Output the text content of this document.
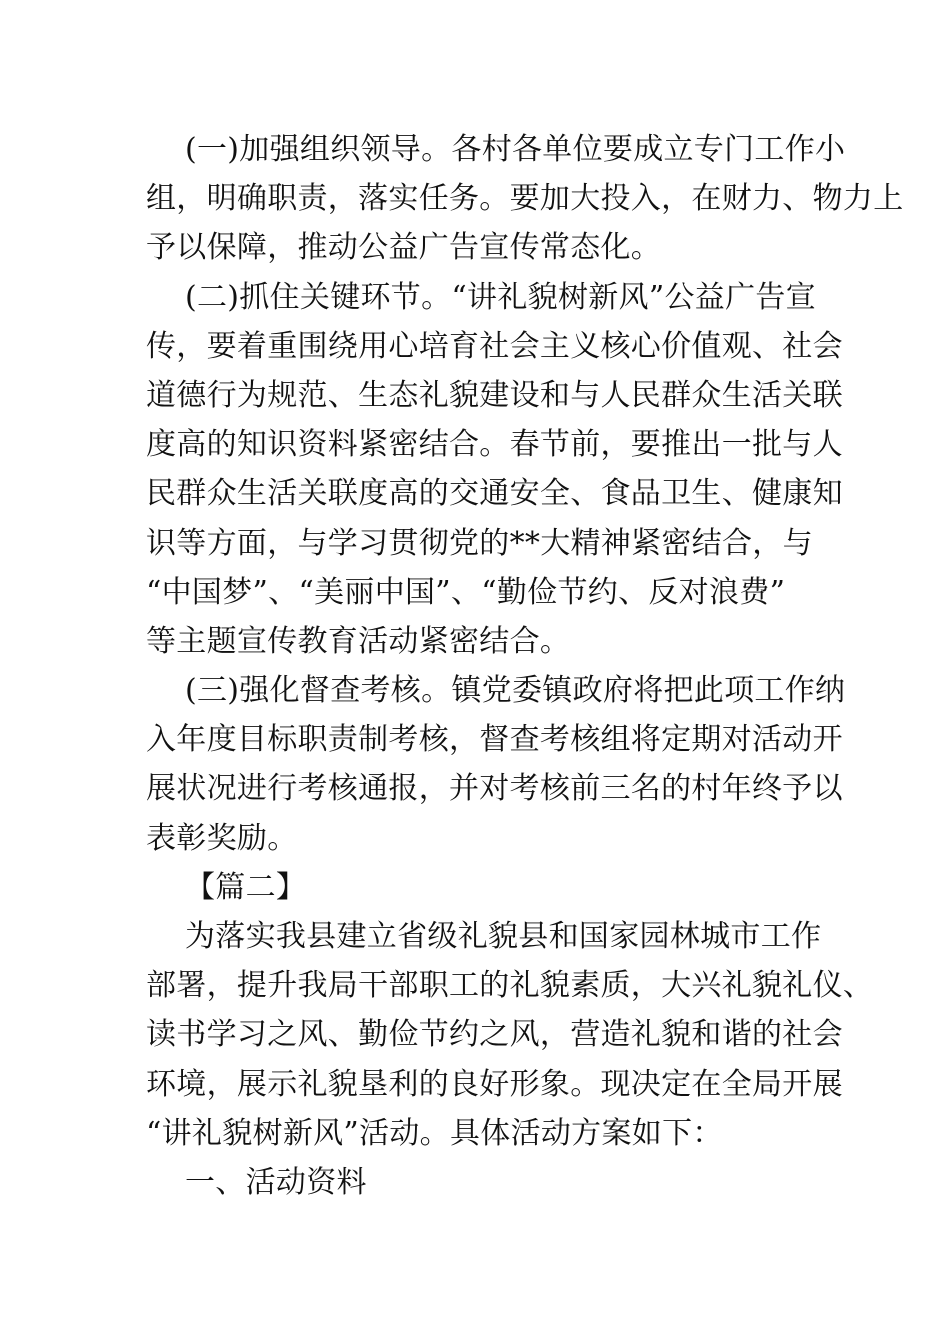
(一)加强组织领导。各村各单位要成立专门工作小
组，明确职责，落实任务。要加大投入，在财力、物力上
予以保障，推动公益广告宣传常态化。
(二)抓住关键环节。“讲礼貌树新风”公益广告宣
传，要着重围绕用心培育社会主义核心价值观、社会
道德行为规范、生态礼貌建设和与人民群众生活关联
度高的知识资料紧密结合。春节前，要推出一批与人
民群众生活关联度高的交通安全、食品卫生、健康知
识等方面，与学习贯彻党的**大精神紧密结合，与
“中国梦”、“美丽中国”、“勤俭节约、反对浪费”
等主题宣传教育活动紧密结合。
(三)强化督查考核。镇党委镇政府将把此项工作纳
入年度目标职责制考核，督查考核组将定期对活动开
展状况进行考核通报，并对考核前三名的村年终予以
表彰奖励。
【篇二】
为落实我县建立省级礼貌县和国家园林城市工作
部署，提升我局干部职工的礼貌素质，大兴礼貌礼仪、
读书学习之风、勤俭节约之风，营造礼貌和谐的社会
环境，展示礼貌垦利的良好形象。现决定在全局开展
“讲礼貌树新风”活动。具体活动方案如下：
一、活动资料
